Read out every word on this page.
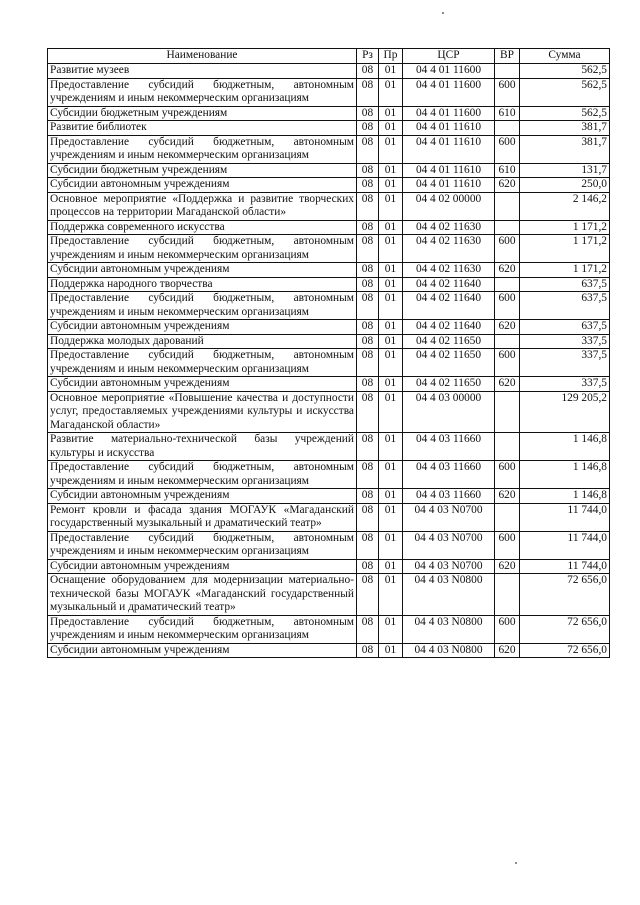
Наименование	Рз	Пр	ЦСР	ВР	Сумма
Развитие музеев	08	01	04 4 01 11600		562,5
Предоставление субсидий бюджетным, автономным учреждениям и иным некоммерческим организациям	08	01	04 4 01 11600	600	562,5
Субсидии бюджетным учреждениям	08	01	04 4 01 11600	610	562,5
Развитие библиотек	08	01	04 4 01 11610		381,7
Предоставление субсидий бюджетным, автономным учреждениям и иным некоммерческим организациям	08	01	04 4 01 11610	600	381,7
Субсидии бюджетным учреждениям	08	01	04 4 01 11610	610	131,7
Субсидии автономным учреждениям	08	01	04 4 01 11610	620	250,0
Основное мероприятие «Поддержка и развитие творческих процессов на территории Магаданской области»	08	01	04 4 02 00000		2 146,2
Поддержка современного искусства	08	01	04 4 02 11630		1 171,2
Предоставление субсидий бюджетным, автономным учреждениям и иным некоммерческим организациям	08	01	04 4 02 11630	600	1 171,2
Субсидии автономным учреждениям	08	01	04 4 02 11630	620	1 171,2
Поддержка народного творчества	08	01	04 4 02 11640		637,5
Предоставление субсидий бюджетным, автономным учреждениям и иным некоммерческим организациям	08	01	04 4 02 11640	600	637,5
Субсидии автономным учреждениям	08	01	04 4 02 11640	620	637,5
Поддержка молодых дарований	08	01	04 4 02 11650		337,5
Предоставление субсидий бюджетным, автономным учреждениям и иным некоммерческим организациям	08	01	04 4 02 11650	600	337,5
Субсидии автономным учреждениям	08	01	04 4 02 11650	620	337,5
Основное мероприятие «Повышение качества и доступности услуг, предоставляемых учреждениями культуры и искусства Магаданской области»	08	01	04 4 03 00000		129 205,2
Развитие материально-технической базы учреждений культуры и искусства	08	01	04 4 03 11660		1 146,8
Предоставление субсидий бюджетным, автономным учреждениям и иным некоммерческим организациям	08	01	04 4 03 11660	600	1 146,8
Субсидии автономным учреждениям	08	01	04 4 03 11660	620	1 146,8
Ремонт кровли и фасада здания МОГАУК «Магаданский государственный музыкальный и драматический театр»	08	01	04 4 03 N0700		11 744,0
Предоставление субсидий бюджетным, автономным учреждениям и иным некоммерческим организациям	08	01	04 4 03 N0700	600	11 744,0
Субсидии автономным учреждениям	08	01	04 4 03 N0700	620	11 744,0
Оснащение оборудованием для модернизации материально-технической базы МОГАУК «Магаданский государственный музыкальный и драматический театр»	08	01	04 4 03 N0800		72 656,0
Предоставление субсидий бюджетным, автономным учреждениям и иным некоммерческим организациям	08	01	04 4 03 N0800	600	72 656,0
Субсидии автономным учреждениям	08	01	04 4 03 N0800	620	72 656,0
